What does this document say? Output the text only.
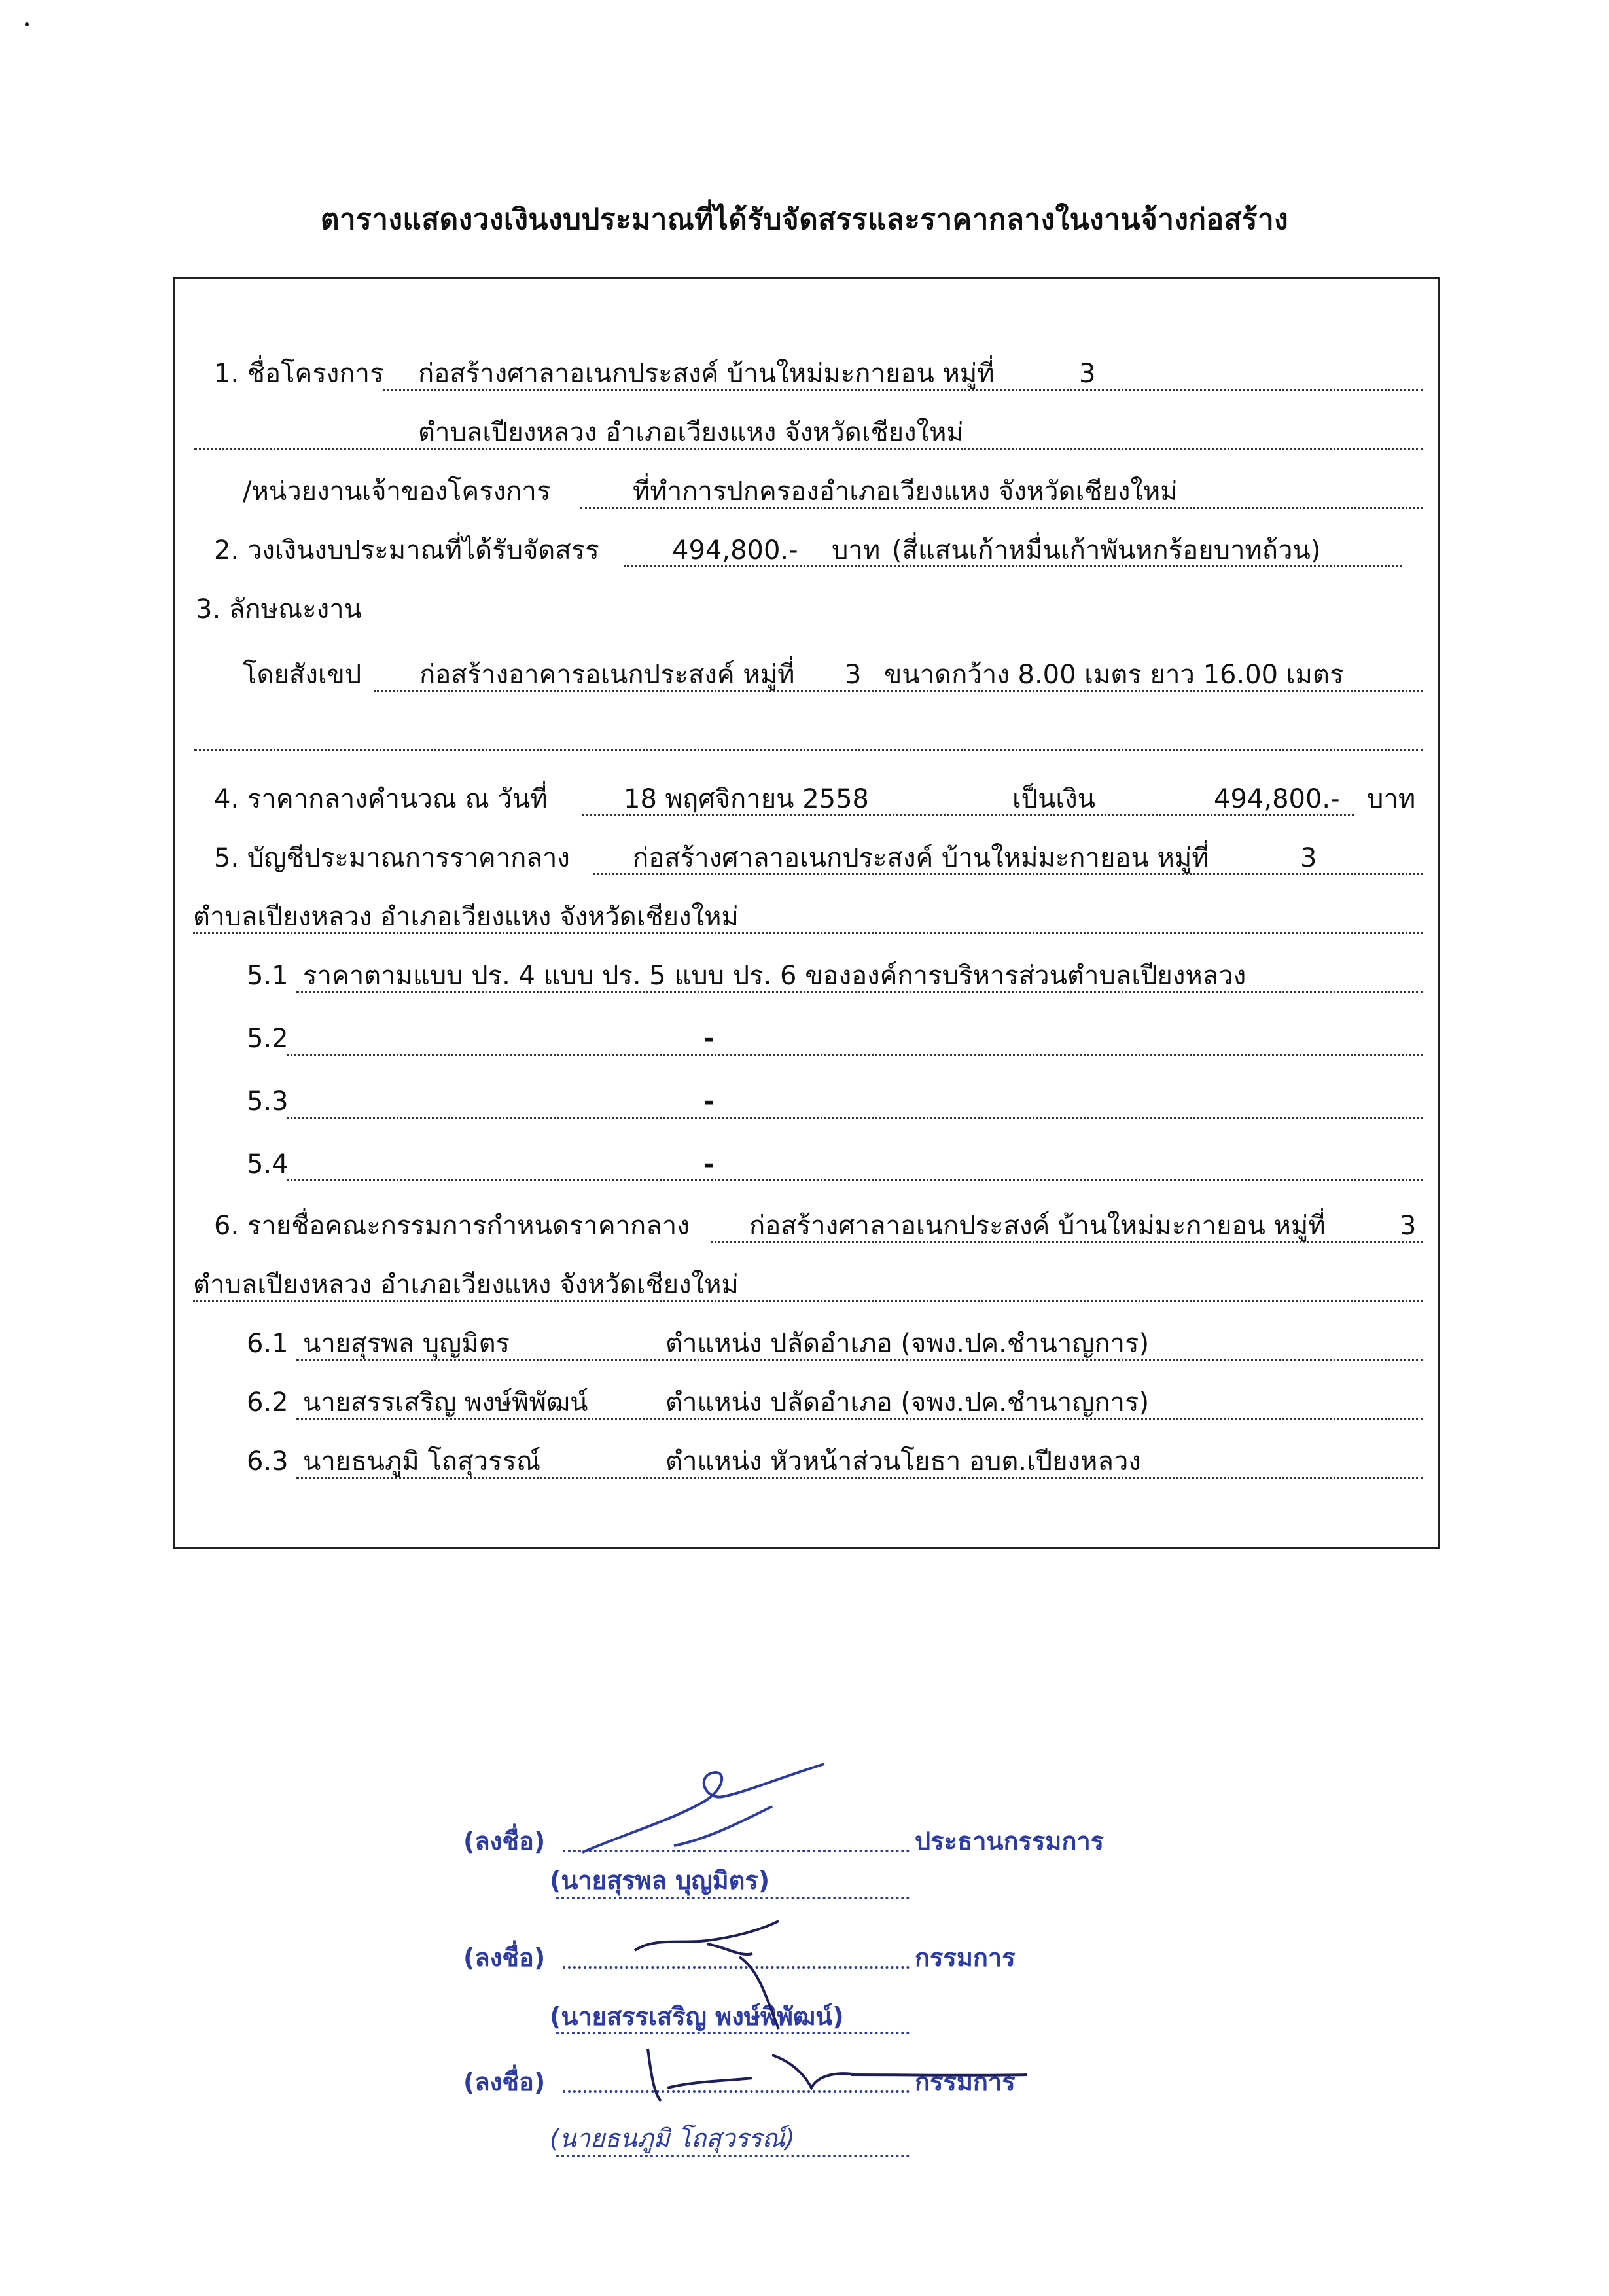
ตารางแสดงวงเงินงบประมาณที่ได้รับจัดสรรและราคากลางในงานจ้างก่อสร้าง
1. ชื่อโครงการ ก่อสร้างศาลาอเนกประสงค์ บ้านใหม่มะกายอน หมู่ที่	3
ตำบลเปียงหลวง อำเภอเวียงแหง จังหวัดเชียงใหม่
/หน่วยงานเจ้าของโครงการ	ที่ทำการปกครองอำเภอเวียงแหง จังหวัดเชียงใหม่
2. วงเงินงบประมาณที่ได้รับจัดสรร	494,800.- บาท (สี่แสนเก้าหมื่นเก้าพันหกร้อยบาทถ้วน)
3. ลักษณะงาน
โดยสังเขป ก่อสร้างอาคารอเนกประสงค์ หมู่ที่ 3 ขนาดกว้าง 8.00 เมตร ยาว 16.00 เมตร
4. ราคากลางคำนวณ ณ วันที่	18 พฤศจิกายน 2558	เป็นเงิน	494,800.- บาท
5. บัญชีประมาณการราคากลาง ก่อสร้างศาลาอเนกประสงค์ บ้านใหม่มะกายอน หมู่ที่	3
ตำบลเปียงหลวง อำเภอเวียงแหง จังหวัดเชียงใหม่
5.1 ราคาตามแบบ ปร. 4 แบบ ปร. 5 แบบ ปร. 6 ขององค์การบริหารส่วนตำบลเปียงหลวง
5.2	-
5.3	-
5.4	-
6. รายชื่อคณะกรรมการกำหนดราคากลาง ก่อสร้างศาลาอเนกประสงค์ บ้านใหม่มะกายอน หมู่ที่	3
ตำบลเปียงหลวง อำเภอเวียงแหง จังหวัดเชียงใหม่
6.1 นายสุรพล บุญมิตร	ตำแหน่ง ปลัดอำเภอ (จพง.ปค.ชำนาญการ)
6.2 นายสรรเสริญ พงษ์พิพัฒน์	ตำแหน่ง ปลัดอำเภอ (จพง.ปค.ชำนาญการ)
6.3 นายธนภูมิ โถสุวรรณ์	ตำแหน่ง หัวหน้าส่วนโยธา อบต.เปียงหลวง
(ลงชื่อ)	ประธานกรรมการ
(นายสุรพล บุญมิตร)
(ลงชื่อ)	กรรมการ
(นายสรรเสริญ พงษ์พิพัฒน์)
(ลงชื่อ)	กรรมการ
(นายธนภูมิ โถสุวรรณ์)
